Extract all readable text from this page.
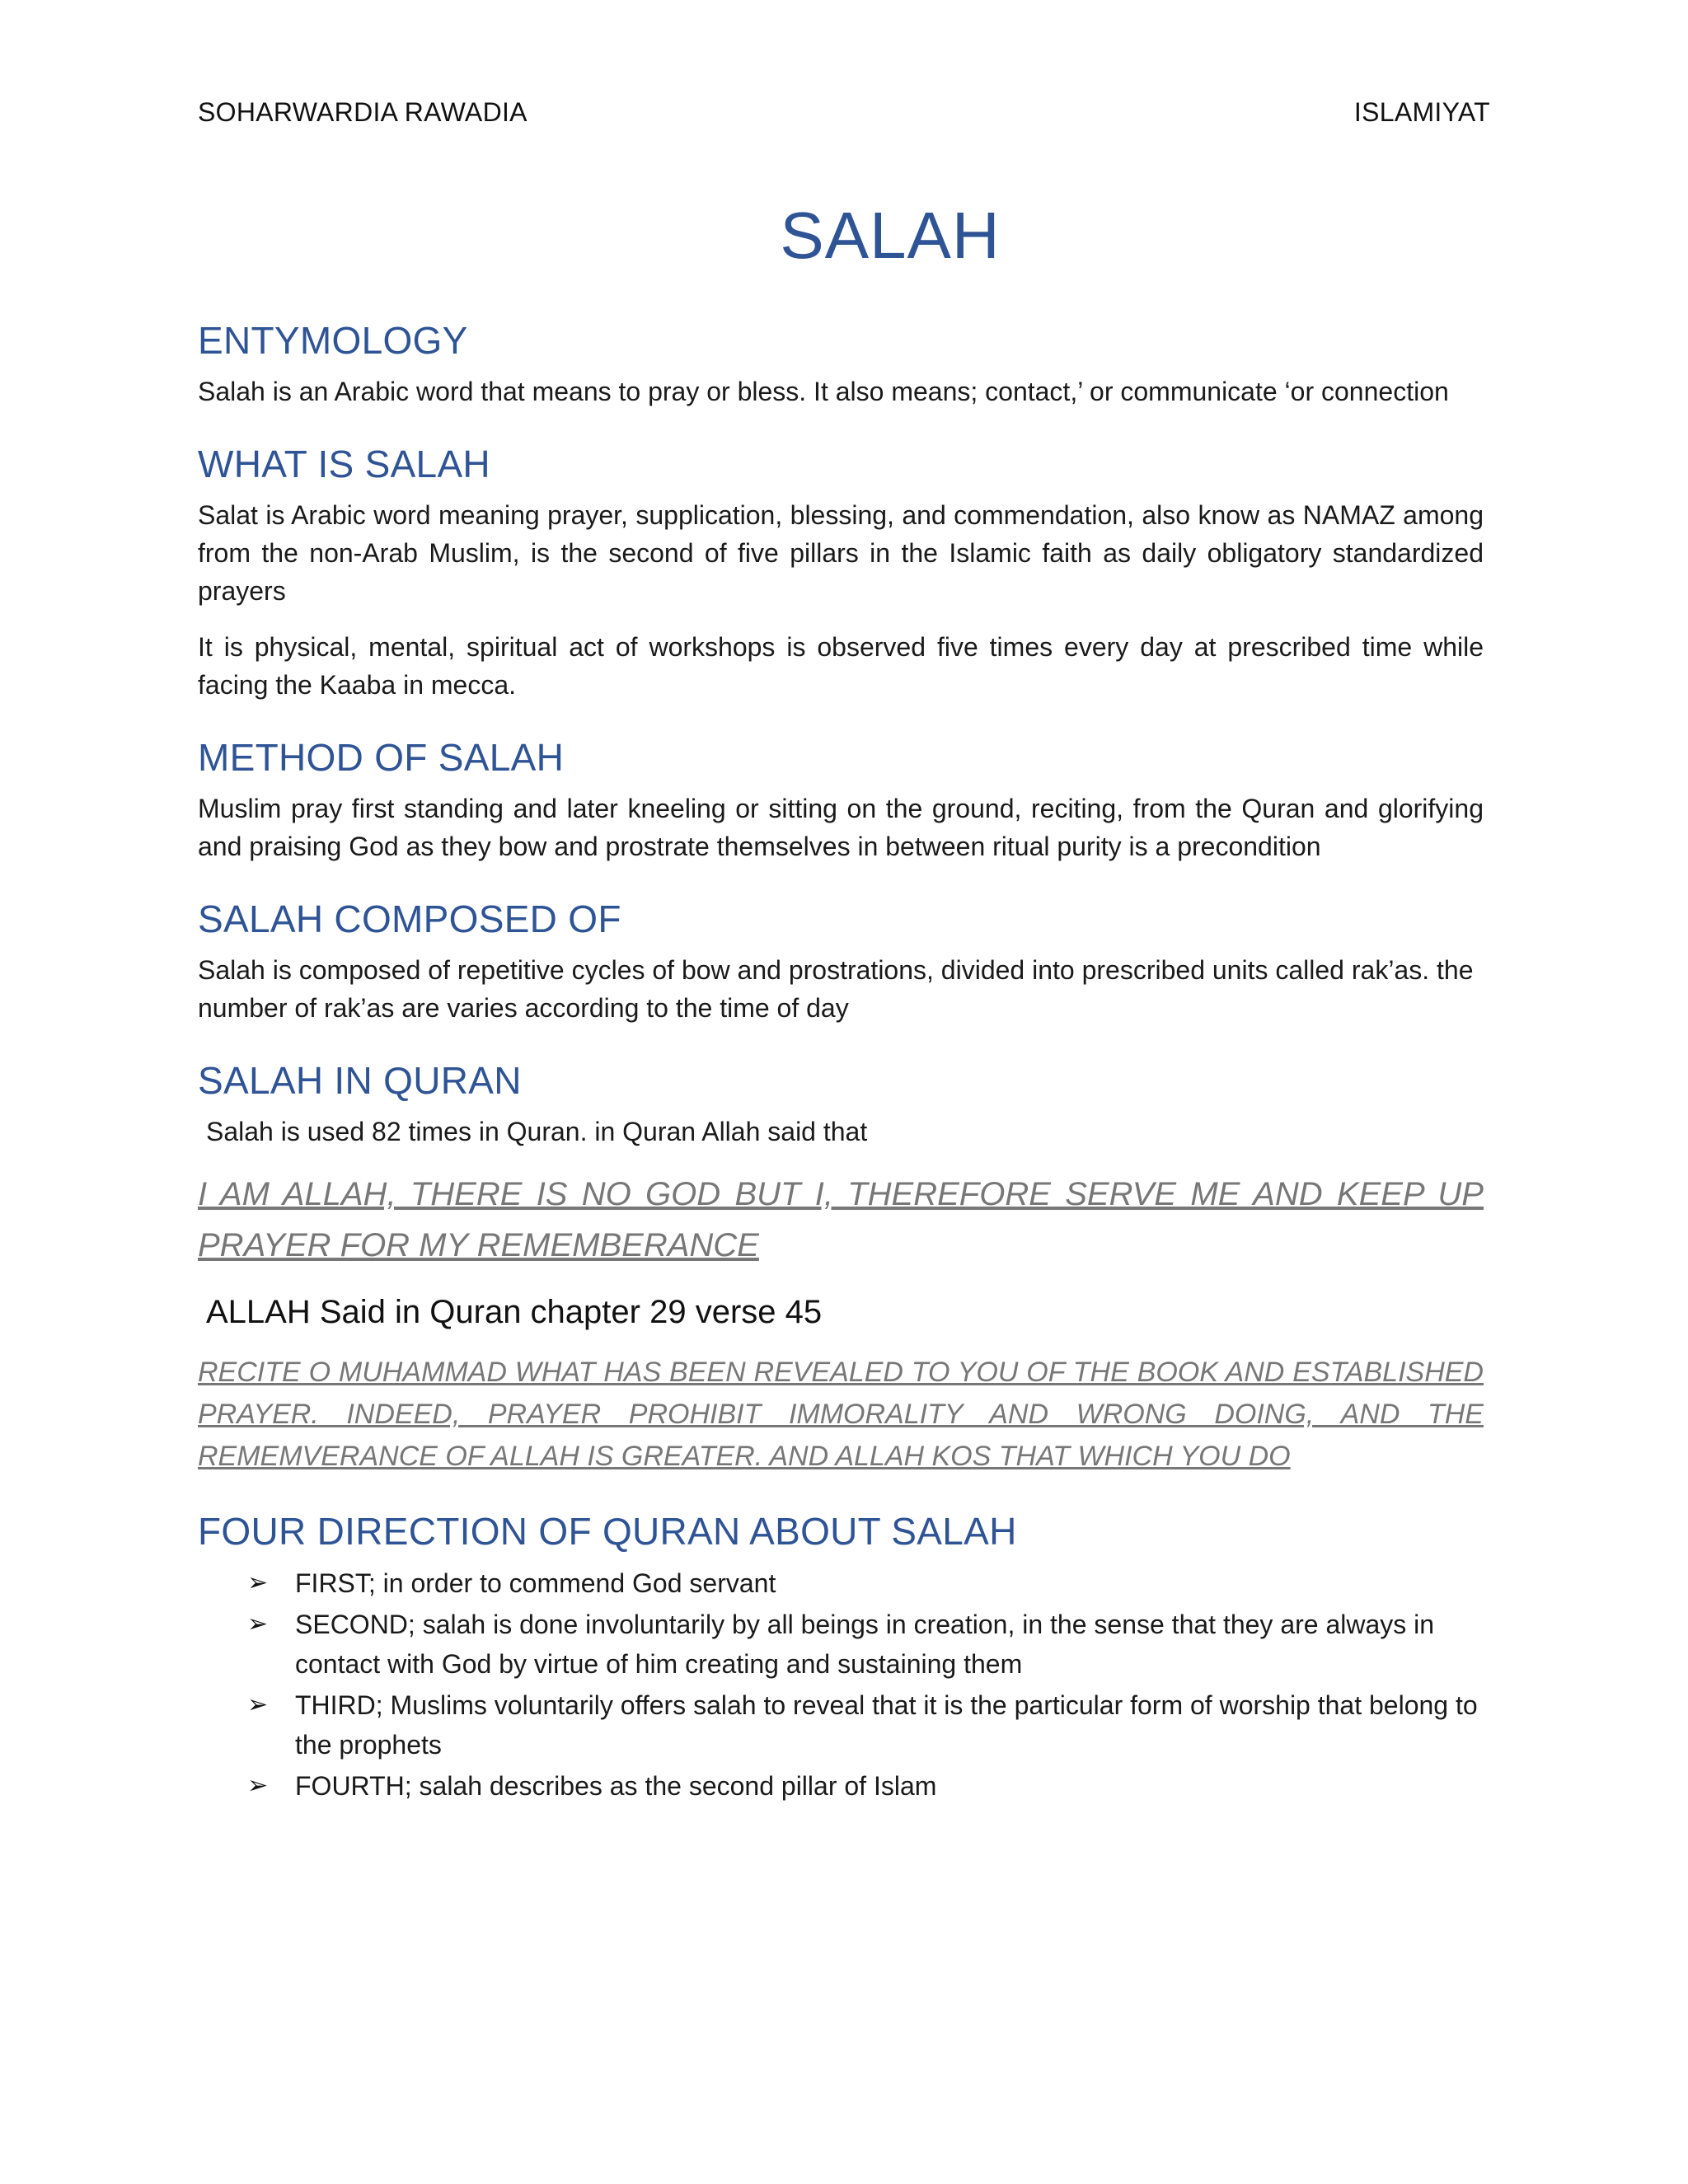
SOHARWARDIA RAWADIA	ISLAMIYAT
SALAH
ENTYMOLOGY

Salah is an Arabic word that means to pray or bless. It also means; contact,’ or communicate ‘or connection

WHAT IS SALAH

Salat is Arabic word meaning prayer, supplication, blessing, and commendation, also know as NAMAZ among from the non-Arab Muslim, is the second of five pillars in the Islamic faith as daily obligatory standardized prayers

It is physical, mental, spiritual act of workshops is observed five times every day at prescribed time while facing the Kaaba in mecca.

METHOD OF SALAH

Muslim pray first standing and later kneeling or sitting on the ground, reciting, from the Quran and glorifying and praising God as they bow and prostrate themselves in between ritual purity is a precondition

SALAH COMPOSED OF

Salah is composed of repetitive cycles of bow and prostrations, divided into prescribed units called rak’as. the number of rak’as are varies according to the time of day

SALAH IN QURAN

Salah is used 82 times in Quran. in Quran Allah said that

I AM ALLAH, THERE IS NO GOD BUT I, THEREFORE SERVE ME AND KEEP UP PRAYER FOR MY REMEMBERANCE

ALLAH Said in Quran chapter 29 verse 45

RECITE O MUHAMMAD WHAT HAS BEEN REVEALED TO YOU OF THE BOOK AND ESTABLISHED PRAYER. INDEED, PRAYER PROHIBIT IMMORALITY AND WRONG DOING, AND THE REMEMVERANCE OF ALLAH IS GREATER. AND ALLAH KOS THAT WHICH YOU DO

FOUR DIRECTION OF QURAN ABOUT SALAH
➢ FIRST; in order to commend God servant
➢ SECOND; salah is done involuntarily by all beings in creation, in the sense that they are always in contact with God by virtue of him creating and sustaining them
➢ THIRD; Muslims voluntarily offers salah to reveal that it is the particular form of worship that belong to the prophets
➢ FOURTH; salah describes as the second pillar of Islam
